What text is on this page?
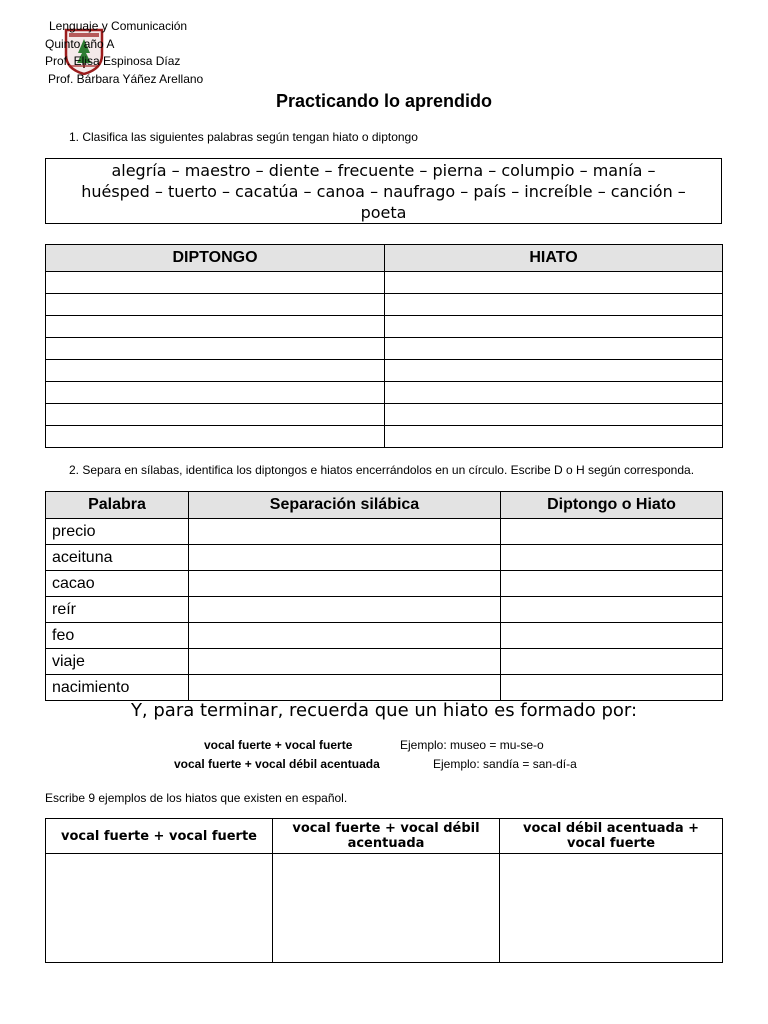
Lenguaje y Comunicación
Quinto año A
Prof. Elisa Espinosa Díaz
Prof. Bárbara Yáñez Arellano
Practicando lo aprendido
1. Clasifica las siguientes palabras según tengan hiato o diptongo
alegría – maestro – diente – frecuente – pierna – columpio – manía –
huésped – tuerto – cacatúa – canoa – naufrago – país – increíble – canción –
poeta
DIPTONGO	HIATO

2. Separa en sílabas, identifica los diptongos e hiatos encerrándolos en un círculo. Escribe D o H según corresponda.
Palabra	Separación silábica	Diptongo o Hiato
precio		
aceituna		
cacao		
reír		
feo		
viaje		
nacimiento		
Y, para terminar, recuerda que un hiato es formado por:
vocal fuerte + vocal fuerte	Ejemplo: museo = mu-se-o
vocal fuerte + vocal débil acentuada	Ejemplo: sandía = san-dí-a
Escribe 9 ejemplos de los hiatos que existen en español.
vocal fuerte + vocal fuerte	vocal fuerte + vocal débil acentuada	vocal débil acentuada + vocal fuerte
